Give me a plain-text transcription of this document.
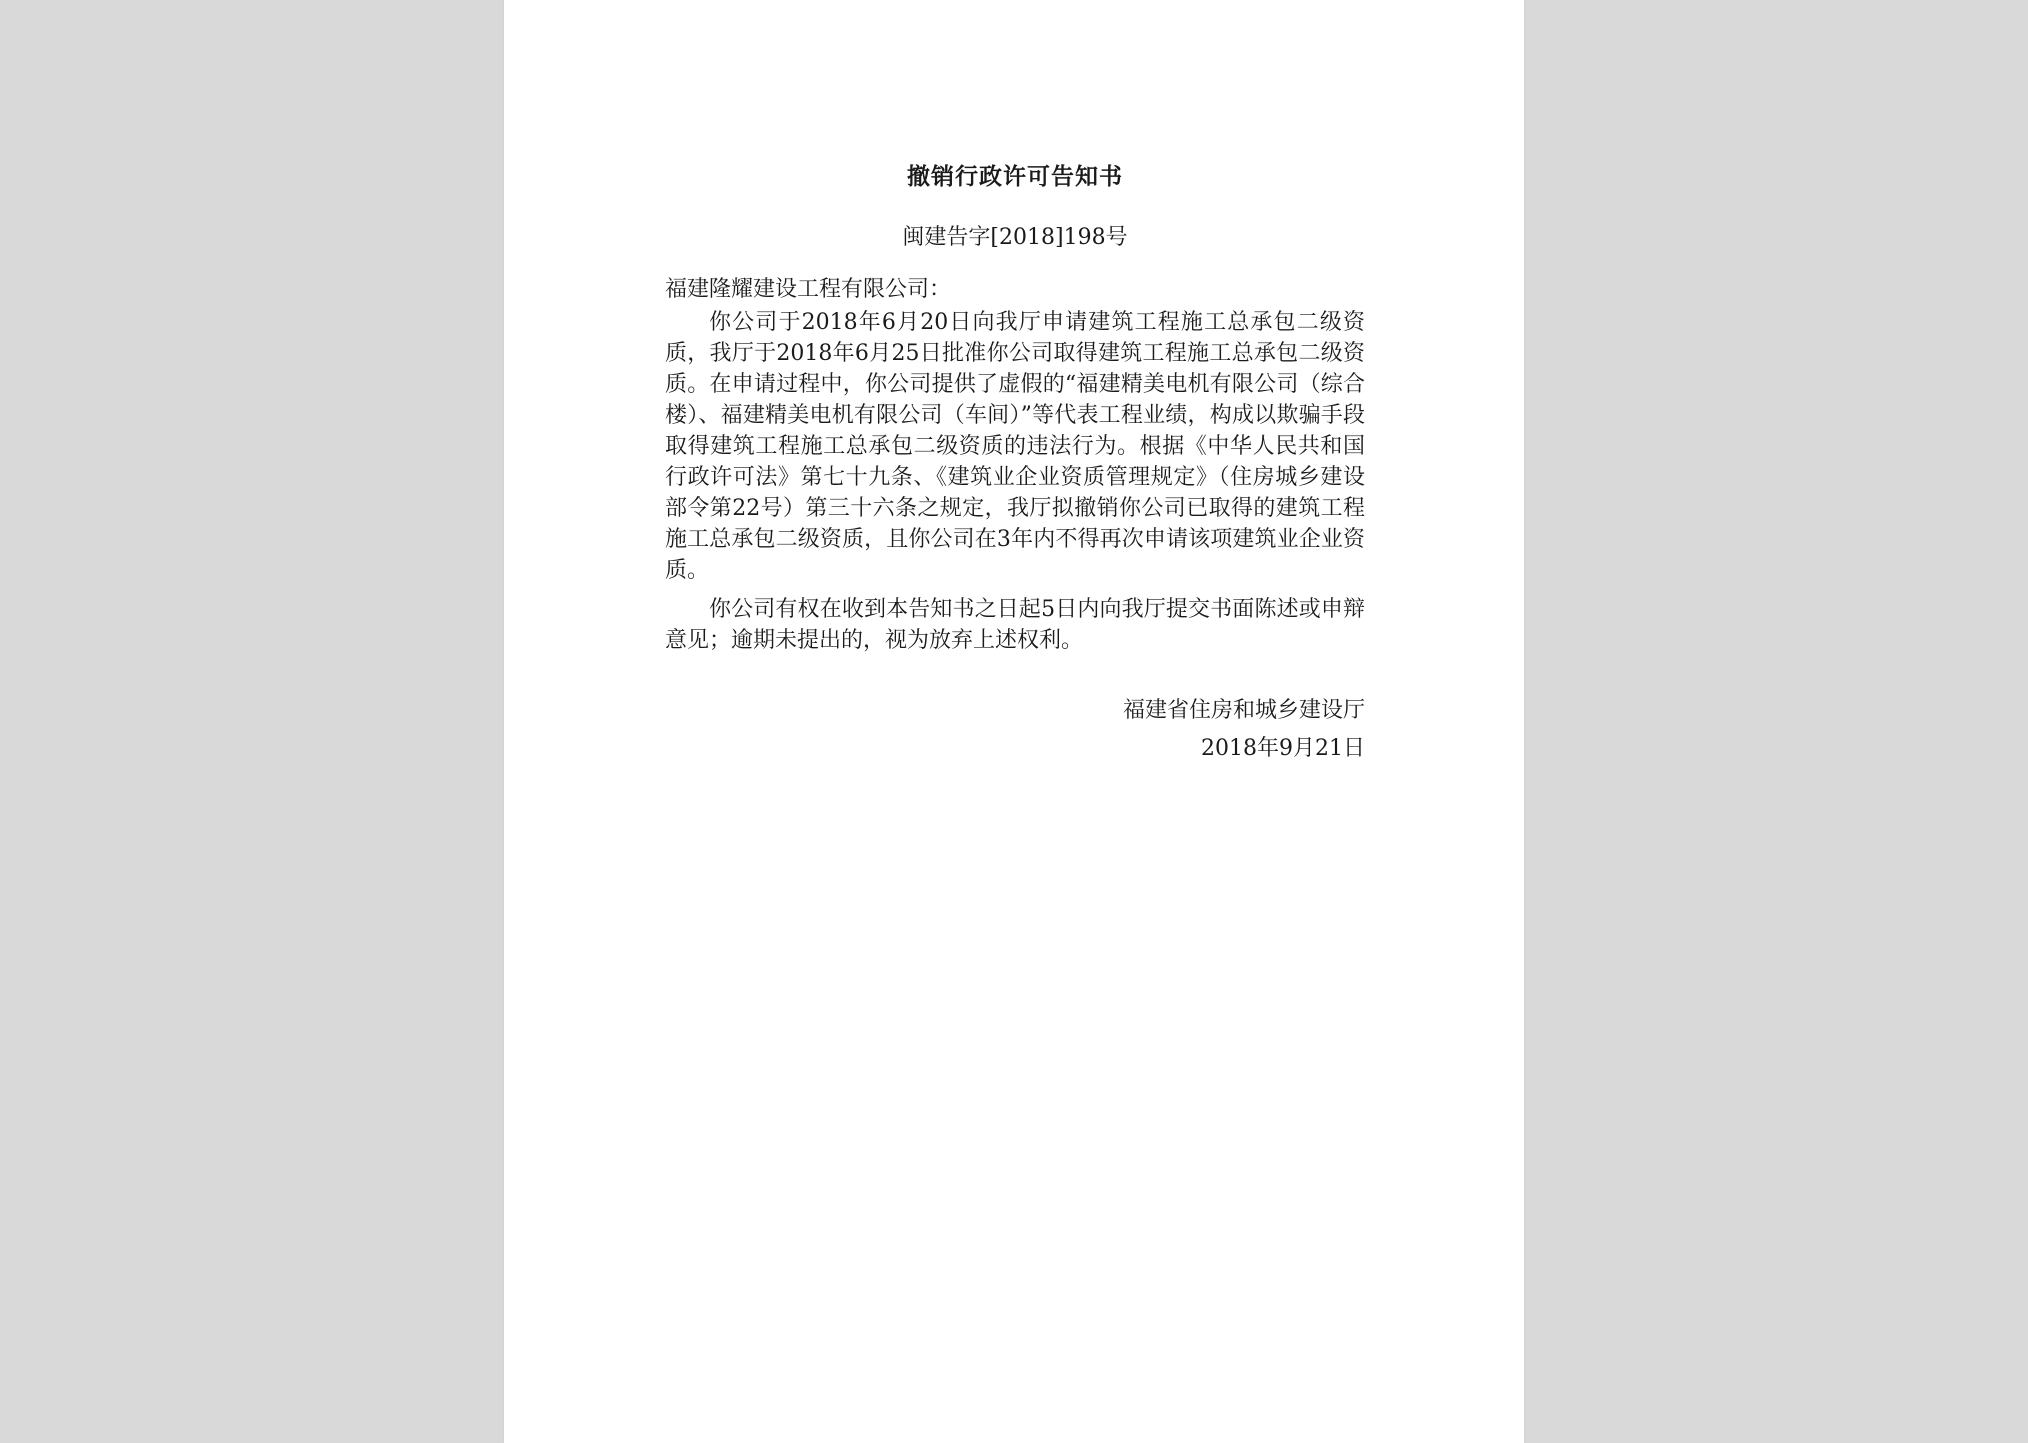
撤销行政许可告知书
闽建告字[2018]198号
福建隆耀建设工程有限公司：

你公司于2018年6月20日向我厅申请建筑工程施工总承包二级资质，我厅于2018年6月25日批准你公司取得建筑工程施工总承包二级资质。在申请过程中，你公司提供了虚假的“福建精美电机有限公司（综合楼）、福建精美电机有限公司（车间）”等代表工程业绩，构成以欺骗手段取得建筑工程施工总承包二级资质的违法行为。根据《中华人民共和国行政许可法》第七十九条、《建筑业企业资质管理规定》（住房城乡建设部令第22号）第三十六条之规定，我厅拟撤销你公司已取得的建筑工程施工总承包二级资质，且你公司在3年内不得再次申请该项建筑业企业资质。

你公司有权在收到本告知书之日起5日内向我厅提交书面陈述或申辩意见；逾期未提出的，视为放弃上述权利。

福建省住房和城乡建设厅
2018年9月21日
